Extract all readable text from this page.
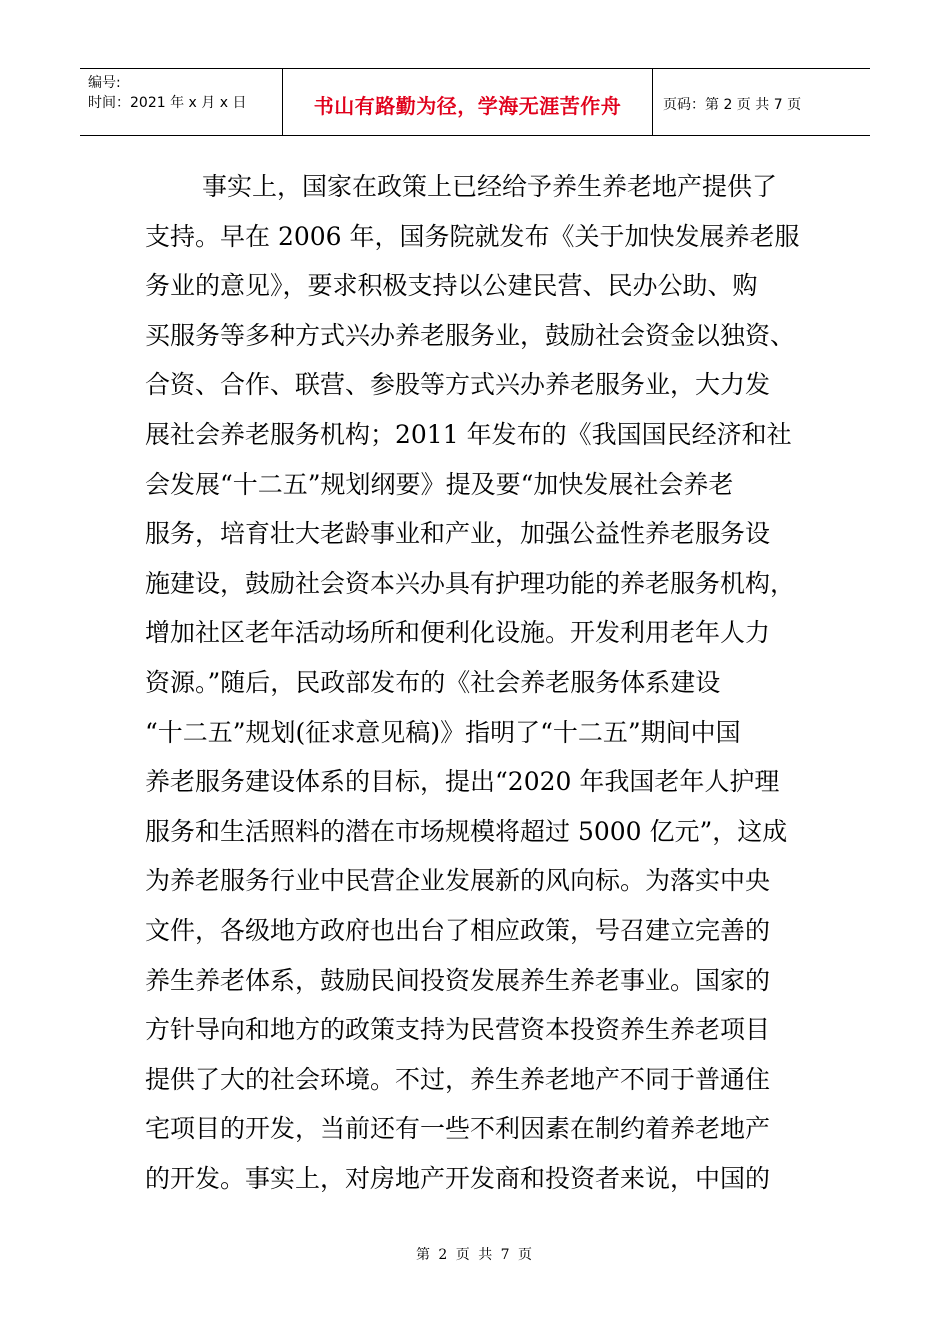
编号:
时间：2021 年 x 月 x 日	书山有路勤为径，学海无涯苦作舟	页码：第 2 页 共 7 页
事实上，国家在政策上已经给予养生养老地产提供了
支持。早在 2006 年，国务院就发布《关于加快发展养老服
务业的意见》，要求积极支持以公建民营、民办公助、购
买服务等多种方式兴办养老服务业，鼓励社会资金以独资、
合资、合作、联营、参股等方式兴办养老服务业，大力发
展社会养老服务机构；2011 年发布的《我国国民经济和社
会发展“十二五”规划纲要》提及要“加快发展社会养老
服务，培育壮大老龄事业和产业，加强公益性养老服务设
施建设，鼓励社会资本兴办具有护理功能的养老服务机构，
增加社区老年活动场所和便利化设施。开发利用老年人力
资源。”随后，民政部发布的《社会养老服务体系建设
“十二五”规划(征求意见稿)》指明了“十二五”期间中国
养老服务建设体系的目标，提出“2020 年我国老年人护理
服务和生活照料的潜在市场规模将超过 5000 亿元”，这成
为养老服务行业中民营企业发展新的风向标。为落实中央
文件，各级地方政府也出台了相应政策，号召建立完善的
养生养老体系，鼓励民间投资发展养生养老事业。国家的
方针导向和地方的政策支持为民营资本投资养生养老项目
提供了大的社会环境。不过，养生养老地产不同于普通住
宅项目的开发，当前还有一些不利因素在制约着养老地产
的开发。事实上，对房地产开发商和投资者来说，中国的
第 2 页 共 7 页
